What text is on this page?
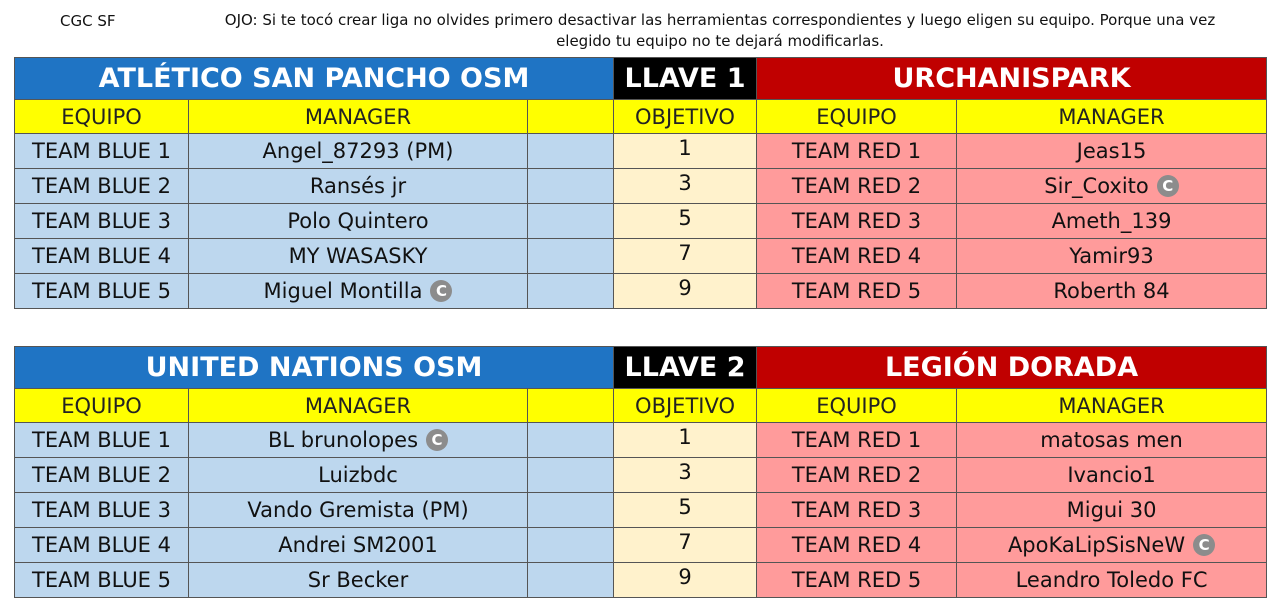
CGC SF	OJO: Si te tocó crear liga no olvides primero desactivar las herramientas correspondientes y luego eligen su equipo. Porque una vez elegido tu equipo no te dejará modificarlas.
ATLÉTICO SAN PANCHO OSM			LLAVE 1	URCHANISPARK	
EQUIPO	MANAGER		OBJETIVO	EQUIPO	MANAGER
TEAM BLUE 1	Angel_87293 (PM)		1	TEAM RED 1	Jeas15
TEAM BLUE 2	Ransés jr		3	TEAM RED 2	Sir_Coxito C
TEAM BLUE 3	Polo Quintero		5	TEAM RED 3	Ameth_139
TEAM BLUE 4	MY WASASKY		7	TEAM RED 4	Yamir93
TEAM BLUE 5	Miguel Montilla C		9	TEAM RED 5	Roberth 84
UNITED NATIONS OSM			LLAVE 2	LEGIÓN DORADA	
EQUIPO	MANAGER		OBJETIVO	EQUIPO	MANAGER
TEAM BLUE 1	BL brunolopes C		1	TEAM RED 1	matosas men
TEAM BLUE 2	Luizbdc		3	TEAM RED 2	Ivancio1
TEAM BLUE 3	Vando Gremista (PM)		5	TEAM RED 3	Migui 30
TEAM BLUE 4	Andrei SM2001		7	TEAM RED 4	ApoKaLipSisNeW C
TEAM BLUE 5	Sr Becker		9	TEAM RED 5	Leandro Toledo FC
